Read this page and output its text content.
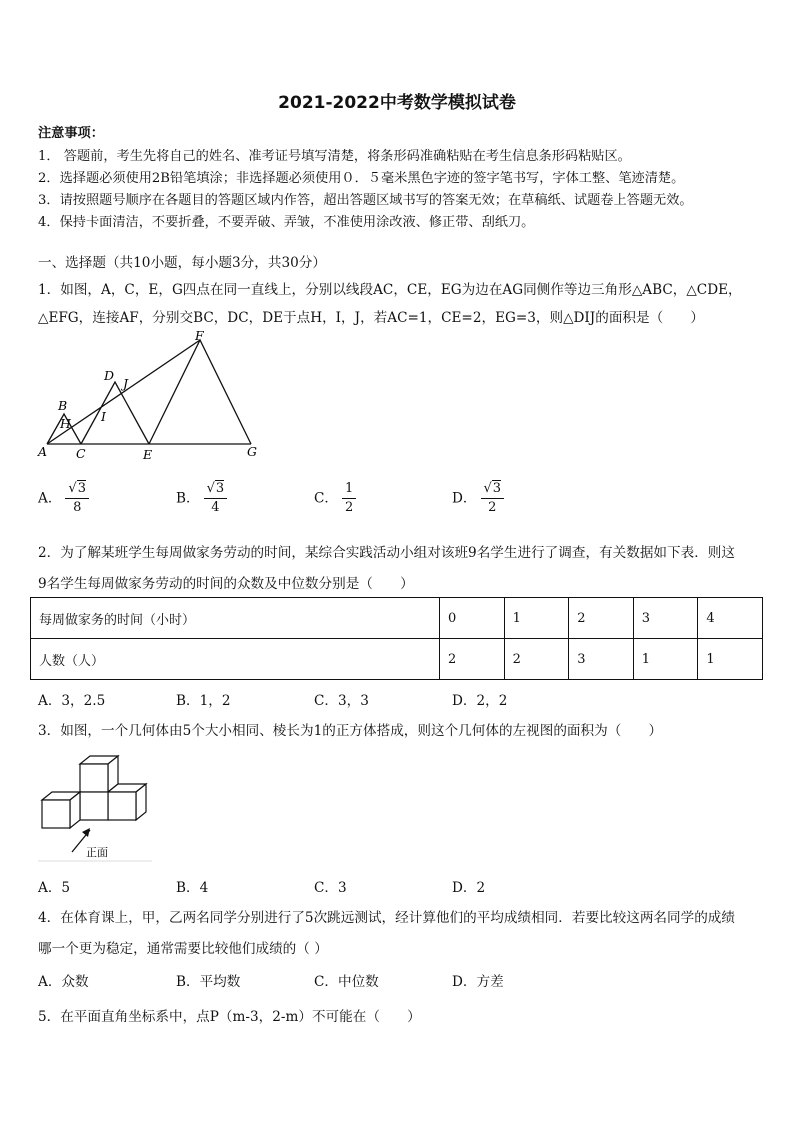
2021-2022中考数学模拟试卷
注意事项：
1． 答题前，考生先将自己的姓名、准考证号填写清楚，将条形码准确粘贴在考生信息条形码粘贴区。
2．选择题必须使用2B铅笔填涂；非选择题必须使用０．５毫米黑色字迹的签字笔书写，字体工整、笔迹清楚。
3．请按照题号顺序在各题目的答题区域内作答，超出答题区域书写的答案无效；在草稿纸、试题卷上答题无效。
4．保持卡面清洁，不要折叠，不要弄破、弄皱，不准使用涂改液、修正带、刮纸刀。
一、选择题（共10小题，每小题3分，共30分）
1．如图，A，C，E，G四点在同一直线上，分别以线段AC，CE，EG为边在AG同侧作等边三角形△ABC，△CDE，
△EFG，连接AF，分别交BC，DC，DE于点H，I，J，若AC=1，CE=2，EG=3，则△DIJ的面积是（　　）
A
B
C
D
E
F
G
H I
J
A． $\frac{√3}{8}$	B． $\frac{√3}{4}$	C． $\frac{1}{2}$	D． $\frac{√3}{2}$
2．为了解某班学生每周做家务劳动的时间，某综合实践活动小组对该班9名学生进行了调查，有关数据如下表．则这
9名学生每周做家务劳动的时间的众数及中位数分别是（　　）
每周做家务的时间（小时）	0	1	2	3	4
人数（人）	2	2	3	1	1
A．3，2.5	B．1，2	C．3，3	D．2，2
3．如图，一个几何体由5个大小相同、棱长为1的正方体搭成，则这个几何体的左视图的面积为（　　）
正面
A．5	B．4	C．3	D．2
4．在体育课上，甲，乙两名同学分别进行了5次跳远测试，经计算他们的平均成绩相同．若要比较这两名同学的成绩
哪一个更为稳定，通常需要比较他们成绩的（ ）
A．众数	B．平均数	C．中位数	D．方差
5．在平面直角坐标系中，点P（m-3，2-m）不可能在（　　）
